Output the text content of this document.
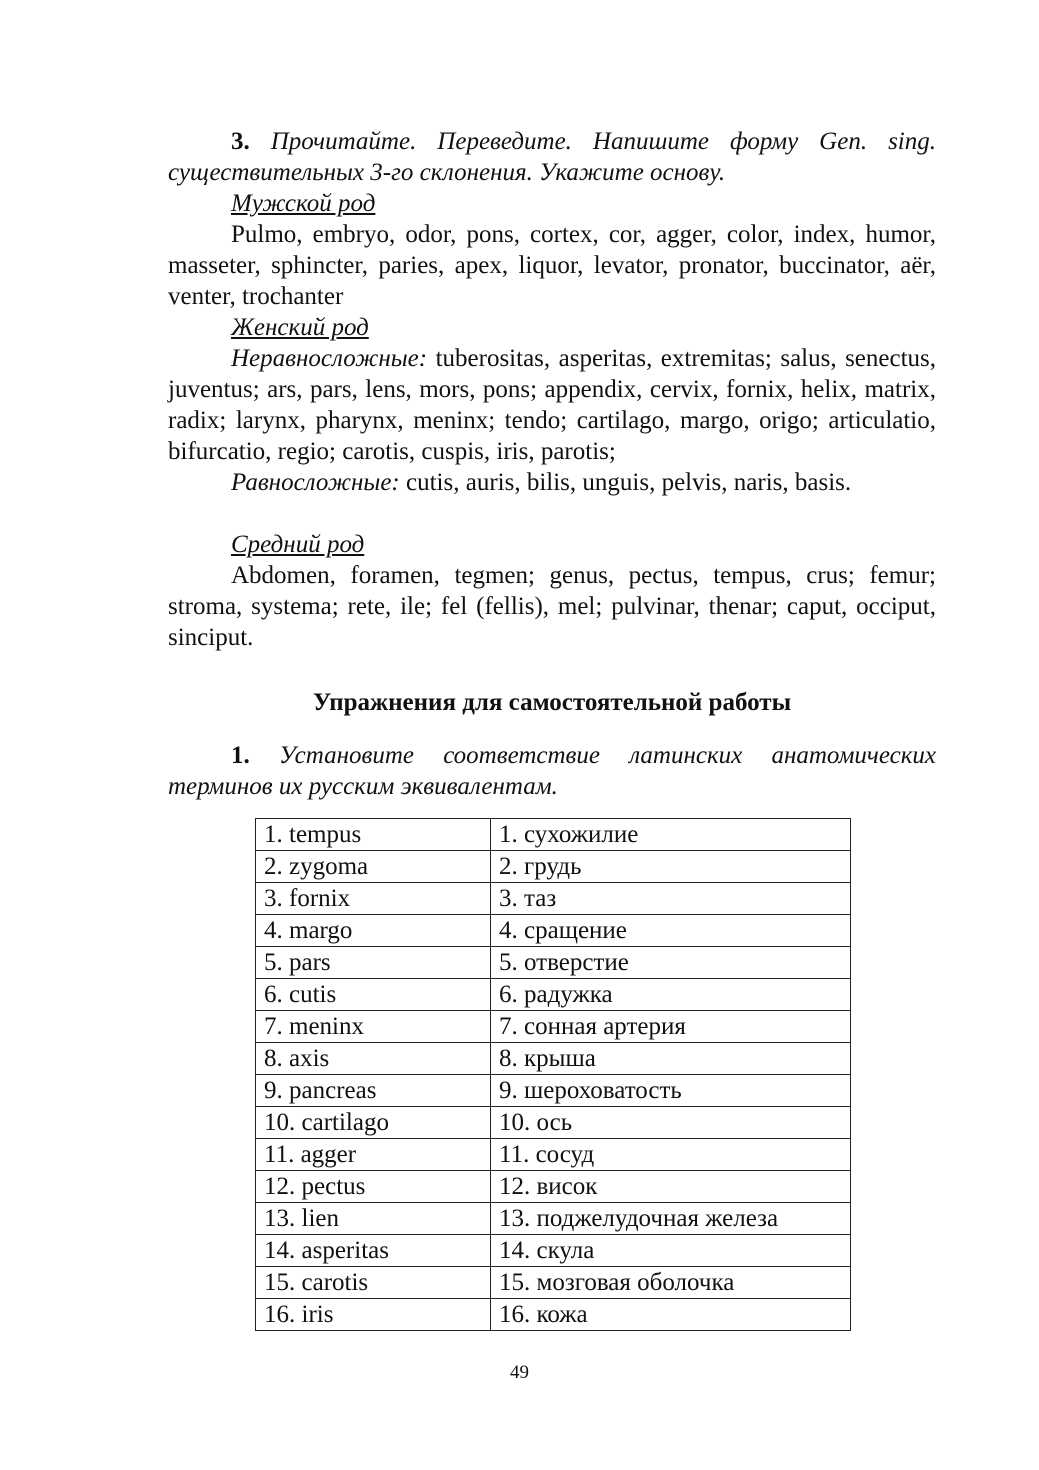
3. Прочитайте. Переведите. Напишите форму Gen. sing. существительных 3-го склонения. Укажите основу.

Мужской род

Pulmo, embryo, odor, pons, cortex, cor, agger, color, index, humor, masseter, sphincter, paries, apex, liquor, levator, pronator, buccinator, aёr, venter, trochanter

Женский род

Неравносложные: tuberositas, asperitas, extremitas; salus, senectus, juventus; ars, pars, lens, mors, pons; appendix, cervix, fornix, helix, matrix, radix; larynx, pharynx, meninx; tendo; cartilago, margo, origo; articulatio, bifurcatio, regio; carotis, cuspis, iris, parotis;

Равносложные: cutis, auris, bilis, unguis, pelvis, naris, basis.

Средний род

Abdomen, foramen, tegmen; genus, pectus, tempus, crus; femur; stroma, systema; rete, ile; fel (fellis), mel; pulvinar, thenar; caput, occiput, sinciput.

Упражнения для самостоятельной работы

1. Установите соответствие латинских анатомических терминов их русским эквивалентам.

1. tempus	1. сухожилие
2. zygoma	2. грудь
3. fornix	3. таз
4. margo	4. сращение
5. pars	5. отверстие
6. cutis	6. радужка
7. meninx	7. сонная артерия
8. axis	8. крыша
9. pancreas	9. шероховатость
10. cartilago	10. ось
11. agger	11. сосуд
12. pectus	12. висок
13. lien	13. поджелудочная железа
14. asperitas	14. скула
15. carotis	15. мозговая оболочка
16. iris	16. кожа
49
